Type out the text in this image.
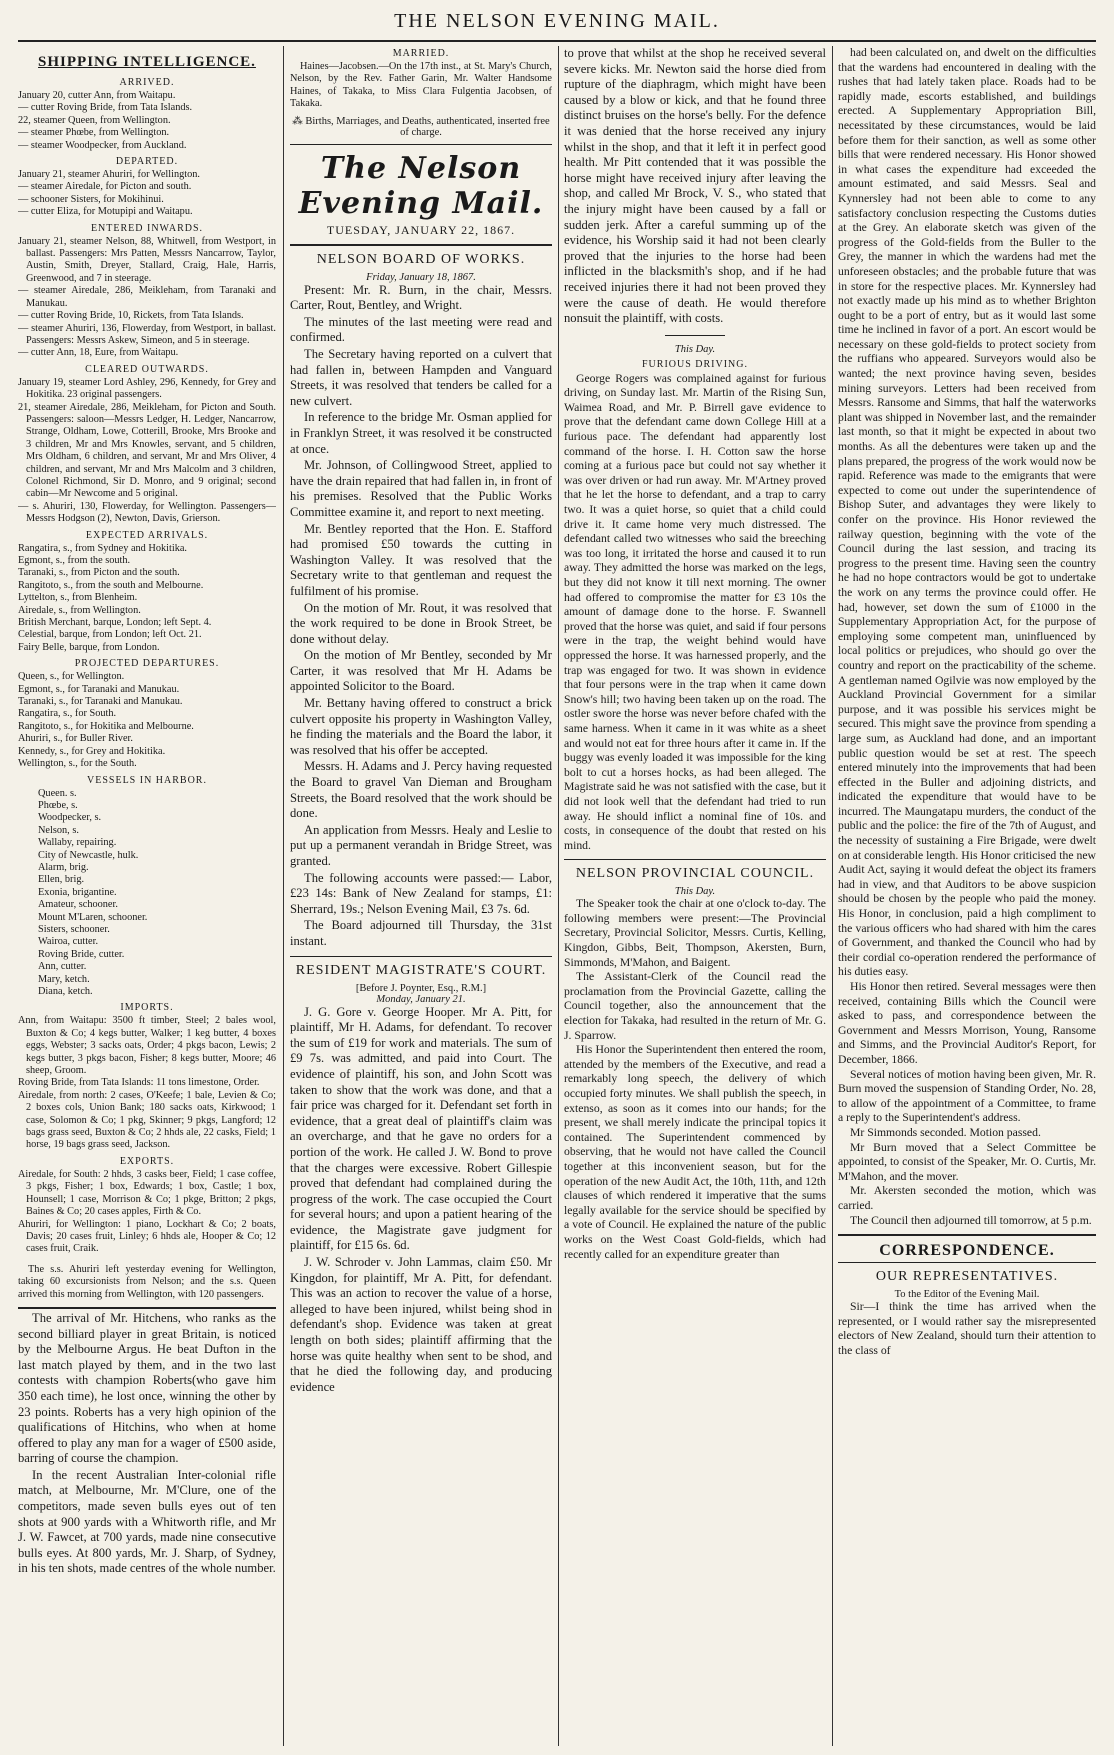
THE NELSON EVENING MAIL.
SHIPPING INTELLIGENCE.
ARRIVED.
January 20, cutter Ann, from Waitapu.
— cutter Roving Bride, from Tata Islands.
22, steamer Queen, from Wellington.
— steamer Phœbe, from Wellington.
— steamer Woodpecker, from Auckland.
DEPARTED.
January 21, steamer Ahuriri, for Wellington.
— steamer Airedale, for Picton and south.
— schooner Sisters, for Mokihinui.
— cutter Eliza, for Motupipi and Waitapu.
ENTERED INWARDS.
January 21, steamer Nelson, 88, Whitwell, from Westport, in ballast. Passengers: Mrs Patten, Messrs Nancarrow, Taylor, Austin, Smith, Dreyer, Stallard, Craig, Hale, Harris, Greenwood, and 7 in steerage.
— steamer Airedale, 286, Meikleham, from Taranaki and Manukau.
— cutter Roving Bride, 10, Rickets, from Tata Islands.
— steamer Ahuriri, 136, Flowerday, from Westport, in ballast. Passengers: Messrs Askew, Simeon, and 5 in steerage.
— cutter Ann, 18, Eure, from Waitapu.
CLEARED OUTWARDS.
January 19, steamer Lord Ashley, 296, Kennedy, for Grey and Hokitika. 23 original passengers.
21, steamer Airedale, 286, Meikleham, for Picton and South. Passengers: saloon—Messrs Ledger, H. Ledger, Nancarrow, Strange, Oldham, Lowe, Cotterill, Brooke, Mrs Brooke and 3 children, Mr and Mrs Knowles, servant, and 5 children, Mrs Oldham, 6 children, and servant, Mr and Mrs Oliver, 4 children, and servant, Mr and Mrs Malcolm and 3 children, Colonel Richmond, Sir D. Monro, and 9 original; second cabin—Mr Newcome and 5 original.
— s. Ahuriri, 130, Flowerday, for Wellington. Passengers—Messrs Hodgson (2), Newton, Davis, Grierson.
EXPECTED ARRIVALS.
Rangatira, s., from Sydney and Hokitika.
Egmont, s., from the south.
Taranaki, s., from Picton and the south.
Rangitoto, s., from the south and Melbourne.
Lyttelton, s., from Blenheim.
Airedale, s., from Wellington.
British Merchant, barque, London; left Sept. 4.
Celestial, barque, from London; left Oct. 21.
Fairy Belle, barque, from London.
PROJECTED DEPARTURES.
Queen, s., for Wellington.
Egmont, s., for Taranaki and Manukau.
Taranaki, s., for Taranaki and Manukau.
Rangatira, s., for South.
Rangitoto, s., for Hokitika and Melbourne.
Ahuriri, s., for Buller River.
Kennedy, s., for Grey and Hokitika.
Wellington, s., for the South.
VESSELS IN HARBOR.
Queen. s.
Phœbe, s.
Woodpecker, s.
Nelson, s.
Wallaby, repairing.
City of Newcastle, hulk.
Alarm, brig.
Ellen, brig.
Exonia, brigantine.
Amateur, schooner.
Mount M'Laren, schooner.
Sisters, schooner.
Wairoa, cutter.
Roving Bride, cutter.
Ann, cutter.
Mary, ketch.
Diana, ketch.
IMPORTS.
Ann, from Waitapu: 3500 ft timber, Steel; 2 bales wool, Buxton & Co; 4 kegs butter, Walker; 1 keg butter, 4 boxes eggs, Webster; 3 sacks oats, Order; 4 pkgs bacon, Lewis; 2 kegs butter, 3 pkgs bacon, Fisher; 8 kegs butter, Moore; 46 sheep, Groom.
Roving Bride, from Tata Islands: 11 tons limestone, Order.
Airedale, from north: 2 cases, O'Keefe; 1 bale, Levien & Co; 2 boxes cols, Union Bank; 180 sacks oats, Kirkwood; 1 case, Solomon & Co; 1 pkg, Skinner; 9 pkgs, Langford; 12 bags grass seed, Buxton & Co; 2 hhds ale, 22 casks, Field; 1 horse, 19 bags grass seed, Jackson.
EXPORTS.
Airedale, for South: 2 hhds, 3 casks beer, Field; 1 case coffee, 3 pkgs, Fisher; 1 box, Edwards; 1 box, Castle; 1 box, Hounsell; 1 case, Morrison & Co; 1 pkge, Britton; 2 pkgs, Baines & Co; 20 cases apples, Firth & Co.
Ahuriri, for Wellington: 1 piano, Lockhart & Co; 2 boats, Davis; 20 cases fruit, Linley; 6 hhds ale, Hooper & Co; 12 cases fruit, Craik.

The s.s. Ahuriri left yesterday evening for Wellington, taking 60 excursionists from Nelson; and the s.s. Queen arrived this morning from Wellington, with 120 passengers.

The arrival of Mr. Hitchens, who ranks as the second billiard player in great Britain, is noticed by the Melbourne Argus. He beat Dufton in the last match played by them, and in the two last contests with champion Roberts(who gave him 350 each time), he lost once, winning the other by 23 points. Roberts has a very high opinion of the qualifications of Hitchins, who when at home offered to play any man for a wager of £500 aside, barring of course the champion.

In the recent Australian Inter-colonial rifle match, at Melbourne, Mr. M'Clure, one of the competitors, made seven bulls eyes out of ten shots at 900 yards with a Whitworth rifle, and Mr J. W. Fawcet, at 700 yards, made nine consecutive bulls eyes. At 800 yards, Mr. J. Sharp, of Sydney, in his ten shots, made centres of the whole number.

MARRIED.

Haines—Jacobsen.—On the 17th inst., at St. Mary's Church, Nelson, by the Rev. Father Garin, Mr. Walter Handsome Haines, of Takaka, to Miss Clara Fulgentia Jacobsen, of Takaka.

⁂ Births, Marriages, and Deaths, authenticated, inserted free of charge.

The Nelson Evening Mail.
TUESDAY, JANUARY 22, 1867.
NELSON BOARD OF WORKS.

Friday, January 18, 1867.

Present: Mr. R. Burn, in the chair, Messrs. Carter, Rout, Bentley, and Wright.

The minutes of the last meeting were read and confirmed.

The Secretary having reported on a culvert that had fallen in, between Hampden and Vanguard Streets, it was resolved that tenders be called for a new culvert.

In reference to the bridge Mr. Osman applied for in Franklyn Street, it was resolved it be constructed at once.

Mr. Johnson, of Collingwood Street, applied to have the drain repaired that had fallen in, in front of his premises. Resolved that the Public Works Committee examine it, and report to next meeting.

Mr. Bentley reported that the Hon. E. Stafford had promised £50 towards the cutting in Washington Valley. It was resolved that the Secretary write to that gentleman and request the fulfilment of his promise.

On the motion of Mr. Rout, it was resolved that the work required to be done in Brook Street, be done without delay.

On the motion of Mr Bentley, seconded by Mr Carter, it was resolved that Mr H. Adams be appointed Solicitor to the Board.

Mr. Bettany having offered to construct a brick culvert opposite his property in Washington Valley, he finding the materials and the Board the labor, it was resolved that his offer be accepted.

Messrs. H. Adams and J. Percy having requested the Board to gravel Van Dieman and Brougham Streets, the Board resolved that the work should be done.

An application from Messrs. Healy and Leslie to put up a permanent verandah in Bridge Street, was granted.

The following accounts were passed:— Labor, £23 14s: Bank of New Zealand for stamps, £1: Sherrard, 19s.; Nelson Evening Mail, £3 7s. 6d.

The Board adjourned till Thursday, the 31st instant.

RESIDENT MAGISTRATE'S COURT.

[Before J. Poynter, Esq., R.M.]

Monday, January 21.

J. G. Gore v. George Hooper. Mr A. Pitt, for plaintiff, Mr H. Adams, for defendant. To recover the sum of £19 for work and materials. The sum of £9 7s. was admitted, and paid into Court. The evidence of plaintiff, his son, and John Scott was taken to show that the work was done, and that a fair price was charged for it. Defendant set forth in evidence, that a great deal of plaintiff's claim was an overcharge, and that he gave no orders for a portion of the work. He called J. W. Bond to prove that the charges were excessive. Robert Gillespie proved that defendant had complained during the progress of the work. The case occupied the Court for several hours; and upon a patient hearing of the evidence, the Magistrate gave judgment for plaintiff, for £15 6s. 6d.

J. W. Schroder v. John Lammas, claim £50. Mr Kingdon, for plaintiff, Mr A. Pitt, for defendant. This was an action to recover the value of a horse, alleged to have been injured, whilst being shod in defendant's shop. Evidence was taken at great length on both sides; plaintiff affirming that the horse was quite healthy when sent to be shod, and that he died the following day, and producing evidence

to prove that whilst at the shop he received several severe kicks. Mr. Newton said the horse died from rupture of the diaphragm, which might have been caused by a blow or kick, and that he found three distinct bruises on the horse's belly. For the defence it was denied that the horse received any injury whilst in the shop, and that it left it in perfect good health. Mr Pitt contended that it was possible the horse might have received injury after leaving the shop, and called Mr Brock, V. S., who stated that the injury might have been caused by a fall or sudden jerk. After a careful summing up of the evidence, his Worship said it had not been clearly proved that the injuries to the horse had been inflicted in the blacksmith's shop, and if he had received injuries there it had not been proved they were the cause of death. He would therefore nonsuit the plaintiff, with costs.

This Day.

FURIOUS DRIVING.

George Rogers was complained against for furious driving, on Sunday last. Mr. Martin of the Rising Sun, Waimea Road, and Mr. P. Birrell gave evidence to prove that the defendant came down College Hill at a furious pace. The defendant had apparently lost command of the horse. I. H. Cotton saw the horse coming at a furious pace but could not say whether it was over driven or had run away. Mr. M'Artney proved that he let the horse to defendant, and a trap to carry two. It was a quiet horse, so quiet that a child could drive it. It came home very much distressed. The defendant called two witnesses who said the breeching was too long, it irritated the horse and caused it to run away. They admitted the horse was marked on the legs, but they did not know it till next morning. The owner had offered to compromise the matter for £3 10s the amount of damage done to the horse. F. Swannell proved that the horse was quiet, and said if four persons were in the trap, the weight behind would have oppressed the horse. It was harnessed properly, and the trap was engaged for two. It was shown in evidence that four persons were in the trap when it came down Snow's hill; two having been taken up on the road. The ostler swore the horse was never before chafed with the same harness. When it came in it was white as a sheet and would not eat for three hours after it came in. If the buggy was evenly loaded it was impossible for the king bolt to cut a horses hocks, as had been alleged. The Magistrate said he was not satisfied with the case, but it did not look well that the defendant had tried to run away. He should inflict a nominal fine of 10s. and costs, in consequence of the doubt that rested on his mind.

NELSON PROVINCIAL COUNCIL.

This Day.

The Speaker took the chair at one o'clock to-day. The following members were present:—The Provincial Secretary, Provincial Solicitor, Messrs. Curtis, Kelling, Kingdon, Gibbs, Beit, Thompson, Akersten, Burn, Simmonds, M'Mahon, and Baigent.

The Assistant-Clerk of the Council read the proclamation from the Provincial Gazette, calling the Council together, also the announcement that the election for Takaka, had resulted in the return of Mr. G. J. Sparrow.

His Honor the Superintendent then entered the room, attended by the members of the Executive, and read a remarkably long speech, the delivery of which occupied forty minutes. We shall publish the speech, in extenso, as soon as it comes into our hands; for the present, we shall merely indicate the principal topics it contained. The Superintendent commenced by observing, that he would not have called the Council together at this inconvenient season, but for the operation of the new Audit Act, the 10th, 11th, and 12th clauses of which rendered it imperative that the sums legally available for the service should be specified by a vote of Council. He explained the nature of the public works on the West Coast Gold-fields, which had recently called for an expenditure greater than

had been calculated on, and dwelt on the difficulties that the wardens had encountered in dealing with the rushes that had lately taken place. Roads had to be rapidly made, escorts established, and buildings erected. A Supplementary Appropriation Bill, necessitated by these circumstances, would be laid before them for their sanction, as well as some other bills that were rendered necessary. His Honor showed in what cases the expenditure had exceeded the amount estimated, and said Messrs. Seal and Kynnersley had not been able to come to any satisfactory conclusion respecting the Customs duties at the Grey. An elaborate sketch was given of the progress of the Gold-fields from the Buller to the Grey, the manner in which the wardens had met the unforeseen obstacles; and the probable future that was in store for the respective places. Mr. Kynnersley had not exactly made up his mind as to whether Brighton ought to be a port of entry, but as it would last some time he inclined in favor of a port. An escort would be necessary on these gold-fields to protect society from the ruffians who appeared. Surveyors would also be wanted; the next province having seven, besides mining surveyors. Letters had been received from Messrs. Ransome and Simms, that half the waterworks plant was shipped in November last, and the remainder last month, so that it might be expected in about two months. As all the debentures were taken up and the plans prepared, the progress of the work would now be rapid. Reference was made to the emigrants that were expected to come out under the superintendence of Bishop Suter, and advantages they were likely to confer on the province. His Honor reviewed the railway question, beginning with the vote of the Council during the last session, and tracing its progress to the present time. Having seen the country he had no hope contractors would be got to undertake the work on any terms the province could offer. He had, however, set down the sum of £1000 in the Supplementary Appropriation Act, for the purpose of employing some competent man, uninfluenced by local politics or prejudices, who should go over the country and report on the practicability of the scheme. A gentleman named Ogilvie was now employed by the Auckland Provincial Government for a similar purpose, and it was possible his services might be secured. This might save the province from spending a large sum, as Auckland had done, and an important public question would be set at rest. The speech entered minutely into the improvements that had been effected in the Buller and adjoining districts, and indicated the expenditure that would have to be incurred. The Maungatapu murders, the conduct of the public and the police: the fire of the 7th of August, and the necessity of sustaining a Fire Brigade, were dwelt on at considerable length. His Honor criticised the new Audit Act, saying it would defeat the object its framers had in view, and that Auditors to be above suspicion should be chosen by the people who paid the money. His Honor, in conclusion, paid a high compliment to the various officers who had shared with him the cares of Government, and thanked the Council who had by their cordial co-operation rendered the performance of his duties easy.

His Honor then retired. Several messages were then received, containing Bills which the Council were asked to pass, and correspondence between the Government and Messrs Morrison, Young, Ransome and Simms, and the Provincial Auditor's Report, for December, 1866.

Several notices of motion having been given, Mr. R. Burn moved the suspension of Standing Order, No. 28, to allow of the appointment of a Committee, to frame a reply to the Superintendent's address.

Mr Simmonds seconded. Motion passed.

Mr Burn moved that a Select Committee be appointed, to consist of the Speaker, Mr. O. Curtis, Mr. M'Mahon, and the mover.

Mr. Akersten seconded the motion, which was carried.

The Council then adjourned till tomorrow, at 5 p.m.

CORRESPONDENCE.
OUR REPRESENTATIVES.

To the Editor of the Evening Mail.

Sir—I think the time has arrived when the represented, or I would rather say the misrepresented electors of New Zealand, should turn their attention to the class of
